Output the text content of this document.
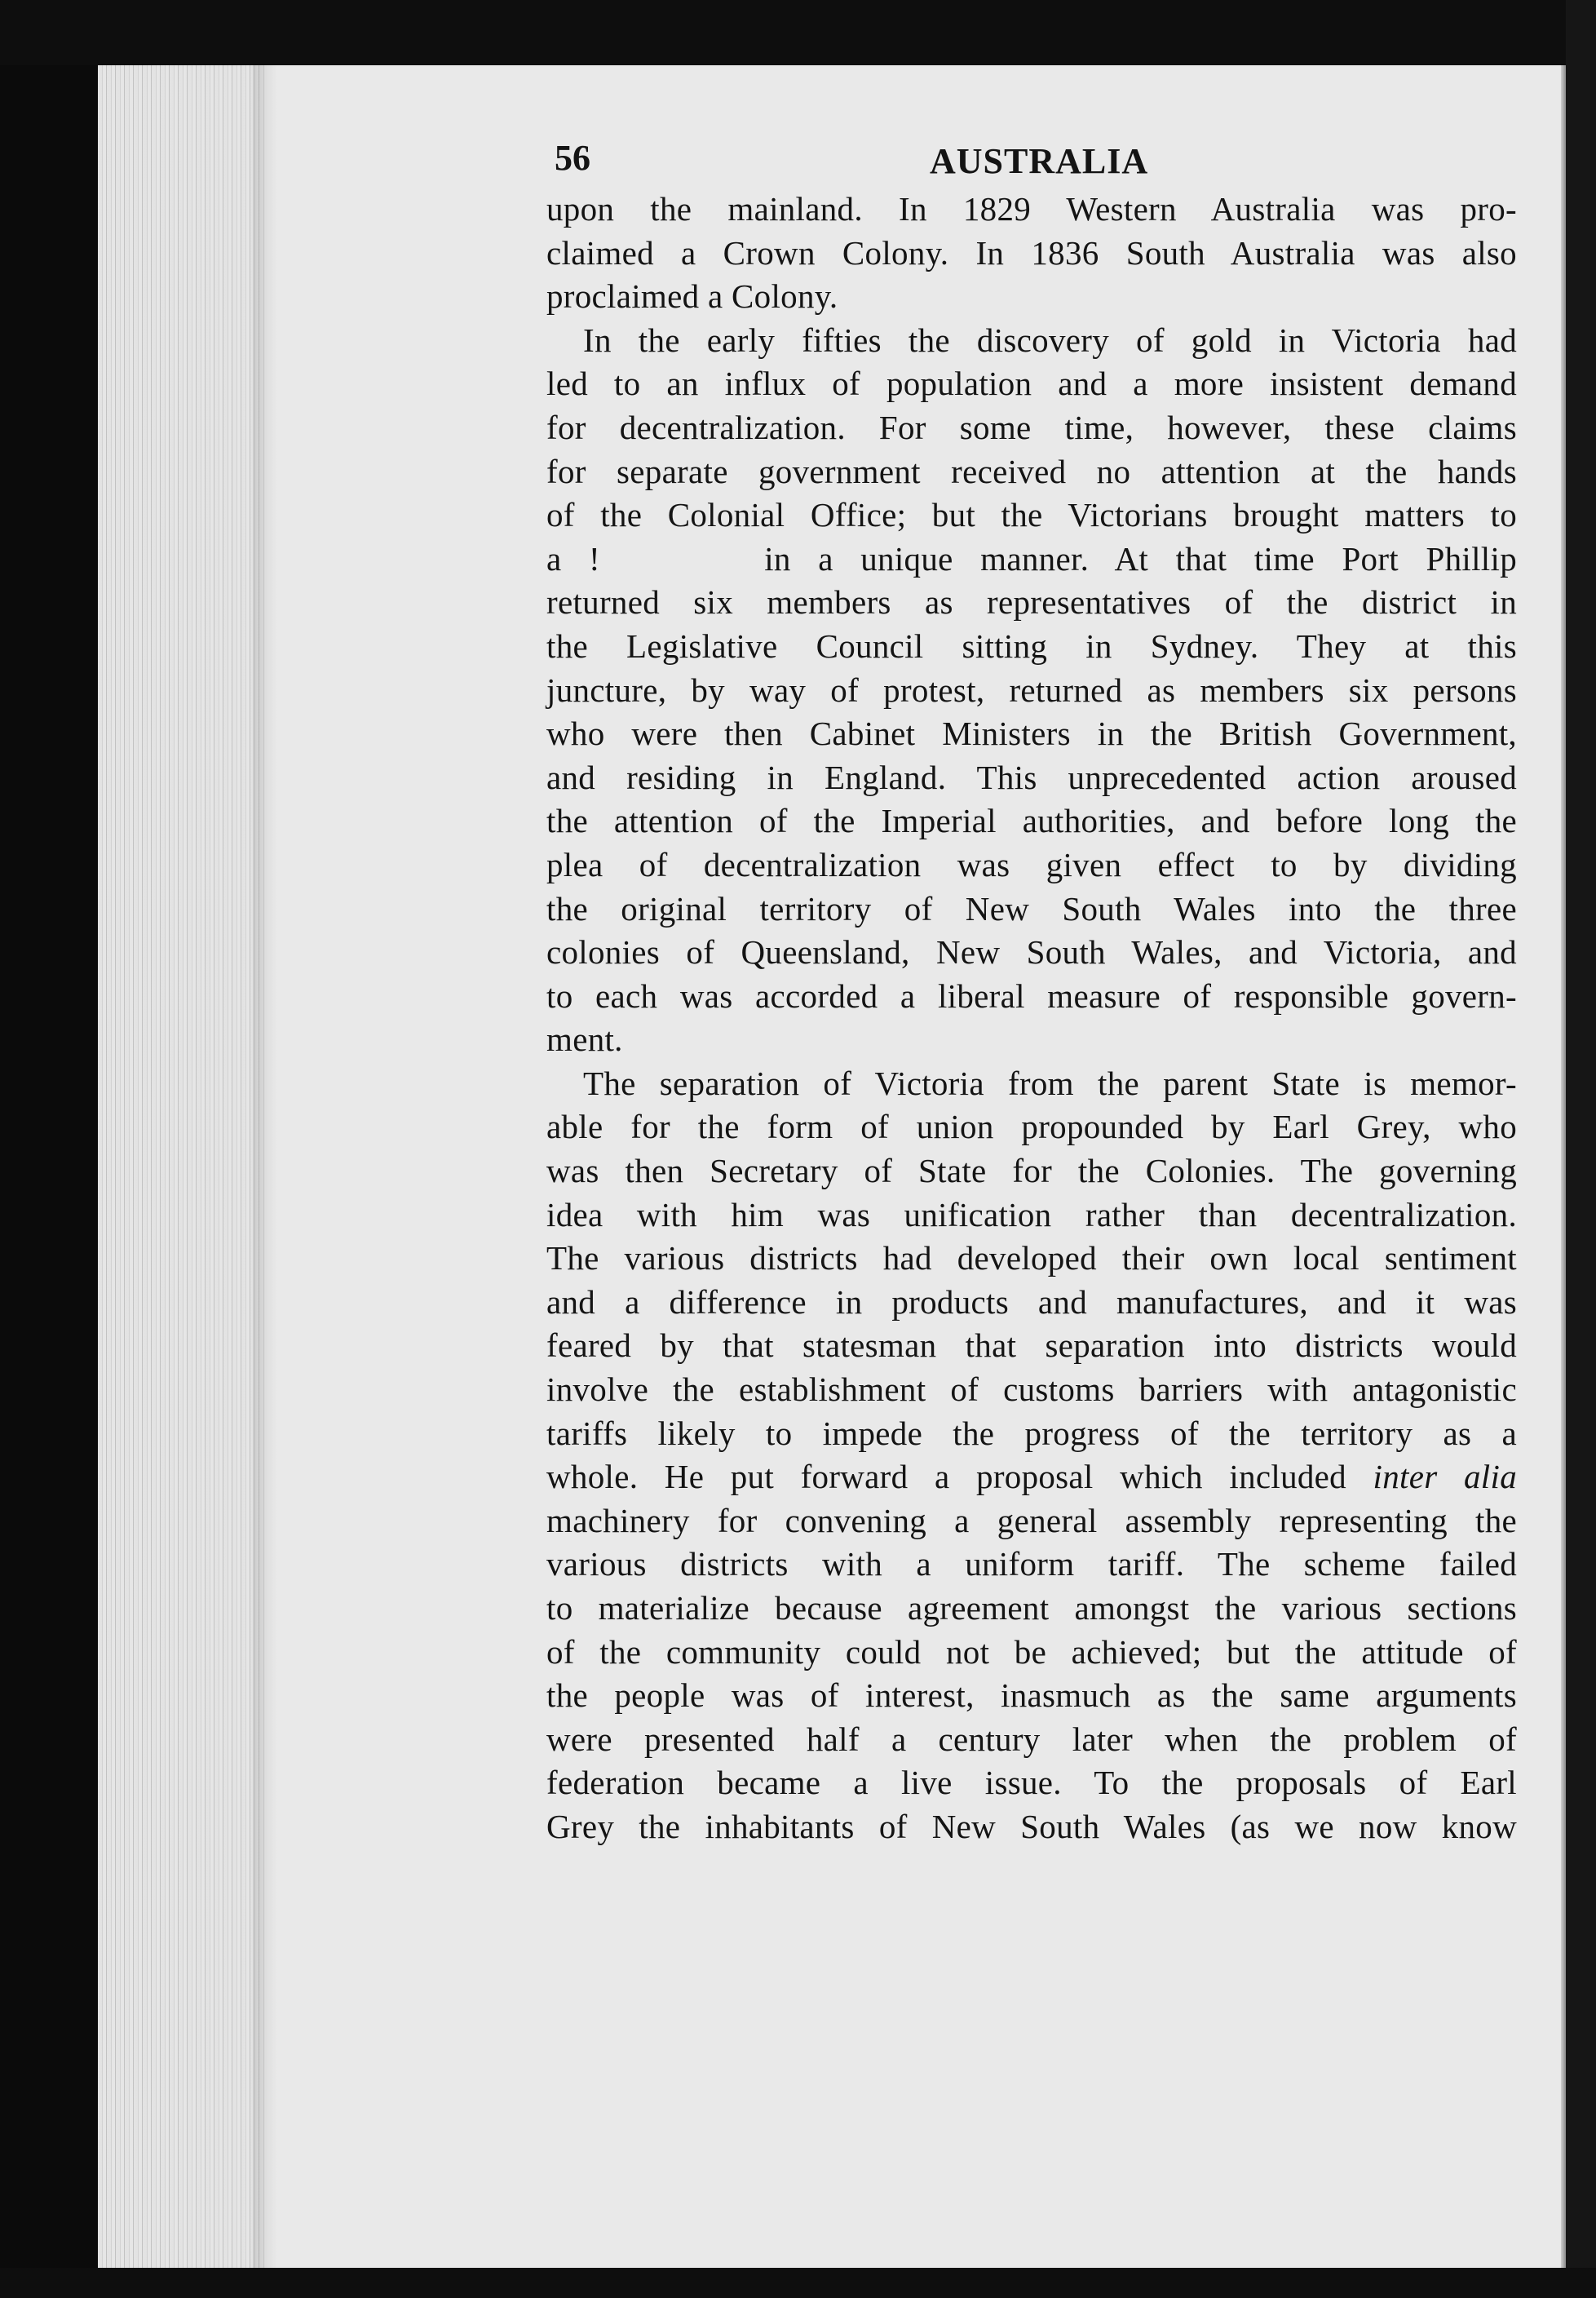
56	AUSTRALIA
upon the mainland. In 1829 Western Australia was pro-
claimed a Crown Colony. In 1836 South Australia was also
proclaimed a Colony.
In the early fifties the discovery of gold in Victoria had
led to an influx of population and a more insistent demand
for decentralization. For some time, however, these claims
for separate government received no attention at the hands
of the Colonial Office; but the Victorians brought matters to
a !      in a unique manner. At that time Port Phillip
returned six members as representatives of the district in
the Legislative Council sitting in Sydney. They at this
juncture, by way of protest, returned as members six persons
who were then Cabinet Ministers in the British Government,
and residing in England. This unprecedented action aroused
the attention of the Imperial authorities, and before long the
plea of decentralization was given effect to by dividing
the original territory of New South Wales into the three
colonies of Queensland, New South Wales, and Victoria, and
to each was accorded a liberal measure of responsible govern-
ment.
The separation of Victoria from the parent State is memor-
able for the form of union propounded by Earl Grey, who
was then Secretary of State for the Colonies. The governing
idea with him was unification rather than decentralization.
The various districts had developed their own local sentiment
and a difference in products and manufactures, and it was
feared by that statesman that separation into districts would
involve the establishment of customs barriers with antagonistic
tariffs likely to impede the progress of the territory as a
whole. He put forward a proposal which included inter alia
machinery for convening a general assembly representing the
various districts with a uniform tariff. The scheme failed
to materialize because agreement amongst the various sections
of the community could not be achieved; but the attitude of
the people was of interest, inasmuch as the same arguments
were presented half a century later when the problem of
federation became a live issue. To the proposals of Earl
Grey the inhabitants of New South Wales (as we now know
